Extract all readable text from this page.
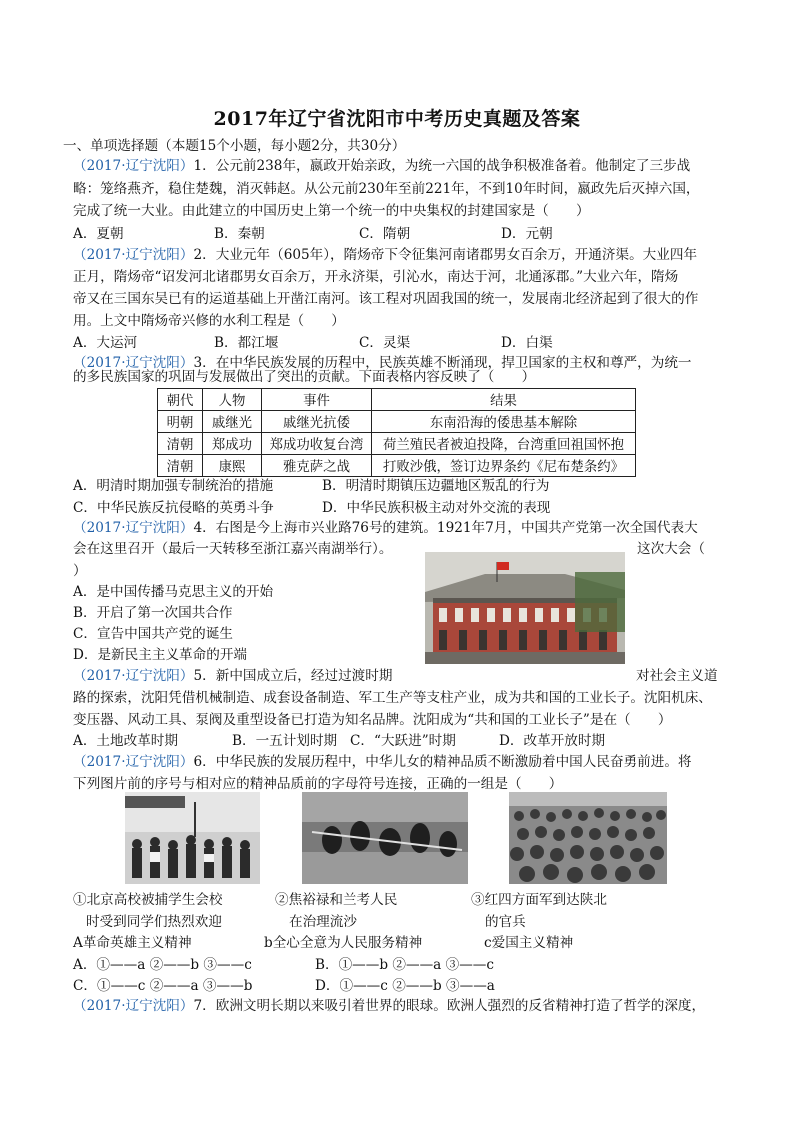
2017年辽宁省沈阳市中考历史真题及答案
一、单项选择题（本题15个小题，每小题2分，共30分）
（2017·辽宁沈阳）1．公元前238年，嬴政开始亲政，为统一六国的战争积极准备着。他制定了三步战
略：笼络燕齐，稳住楚魏，消灭韩赵。从公元前230年至前221年，不到10年时间，嬴政先后灭掉六国，
完成了统一大业。由此建立的中国历史上第一个统一的中央集权的封建国家是（　　）
A．夏朝	B．秦朝	C．隋朝	D．元朝
（2017·辽宁沈阳）2．大业元年（605年），隋炀帝下令征集河南诸郡男女百余万，开通济渠。大业四年
正月，隋炀帝“诏发河北诸郡男女百余万，开永济渠，引沁水，南达于河，北通涿郡。”大业六年，隋炀
帝又在三国东吴已有的运道基础上开凿江南河。该工程对巩固我国的统一，发展南北经济起到了很大的作
用。上文中隋炀帝兴修的水利工程是（　　）
A．大运河	B．都江堰	C．灵渠	D．白渠
（2017·辽宁沈阳）3．在中华民族发展的历程中，民族英雄不断涌现，捍卫国家的主权和尊严，为统一
的多民族国家的巩固与发展做出了突出的贡献。下面表格内容反映了（　　）
朝代	人物	事件	结果
明朝	戚继光	戚继光抗倭	东南沿海的倭患基本解除
清朝	郑成功	郑成功收复台湾	荷兰殖民者被迫投降，台湾重回祖国怀抱
清朝	康熙	雅克萨之战	打败沙俄，签订边界条约《尼布楚条约》
A．明清时期加强专制统治的措施	B．明清时期镇压边疆地区叛乱的行为
C．中华民族反抗侵略的英勇斗争	D．中华民族积极主动对外交流的表现
（2017·辽宁沈阳）4．右图是今上海市兴业路76号的建筑。1921年7月，中国共产党第一次全国代表大
会在这里召开（最后一天转移至浙江嘉兴南湖举行）。	这次大会（
）
A．是中国传播马克思主义的开始
B．开启了第一次国共合作
C．宣告中国共产党的诞生
D．是新民主主义革命的开端
（2017·辽宁沈阳）5．新中国成立后，经过过渡时期	对社会主义道
路的探索，沈阳凭借机械制造、成套设备制造、军工生产等支柱产业，成为共和国的工业长子。沈阳机床、
变压器、风动工具、泵阀及重型设备已打造为知名品牌。沈阳成为“共和国的工业长子”是在（　　）
A．土地改革时期	B．一五计划时期 C．“大跃进”时期	D．改革开放时期
（2017·辽宁沈阳）6．中华民族的发展历程中，中华儿女的精神品质不断激励着中国人民奋勇前进。将
下列图片前的序号与相对应的精神品质前的字母符号连接，正确的一组是（　　）
①北京高校被捕学生会校
时受到同学们热烈欢迎
②焦裕禄和兰考人民
在治理流沙
③红四方面军到达陕北
的官兵
A革命英雄主义精神	b全心全意为人民服务精神	c爱国主义精神
A．①——a ②——b ③——c	B．①——b ②——a ③——c
C．①——c ②——a ③——b	D．①——c ②——b ③——a
（2017·辽宁沈阳）7．欧洲文明长期以来吸引着世界的眼球。欧洲人强烈的反省精神打造了哲学的深度，
